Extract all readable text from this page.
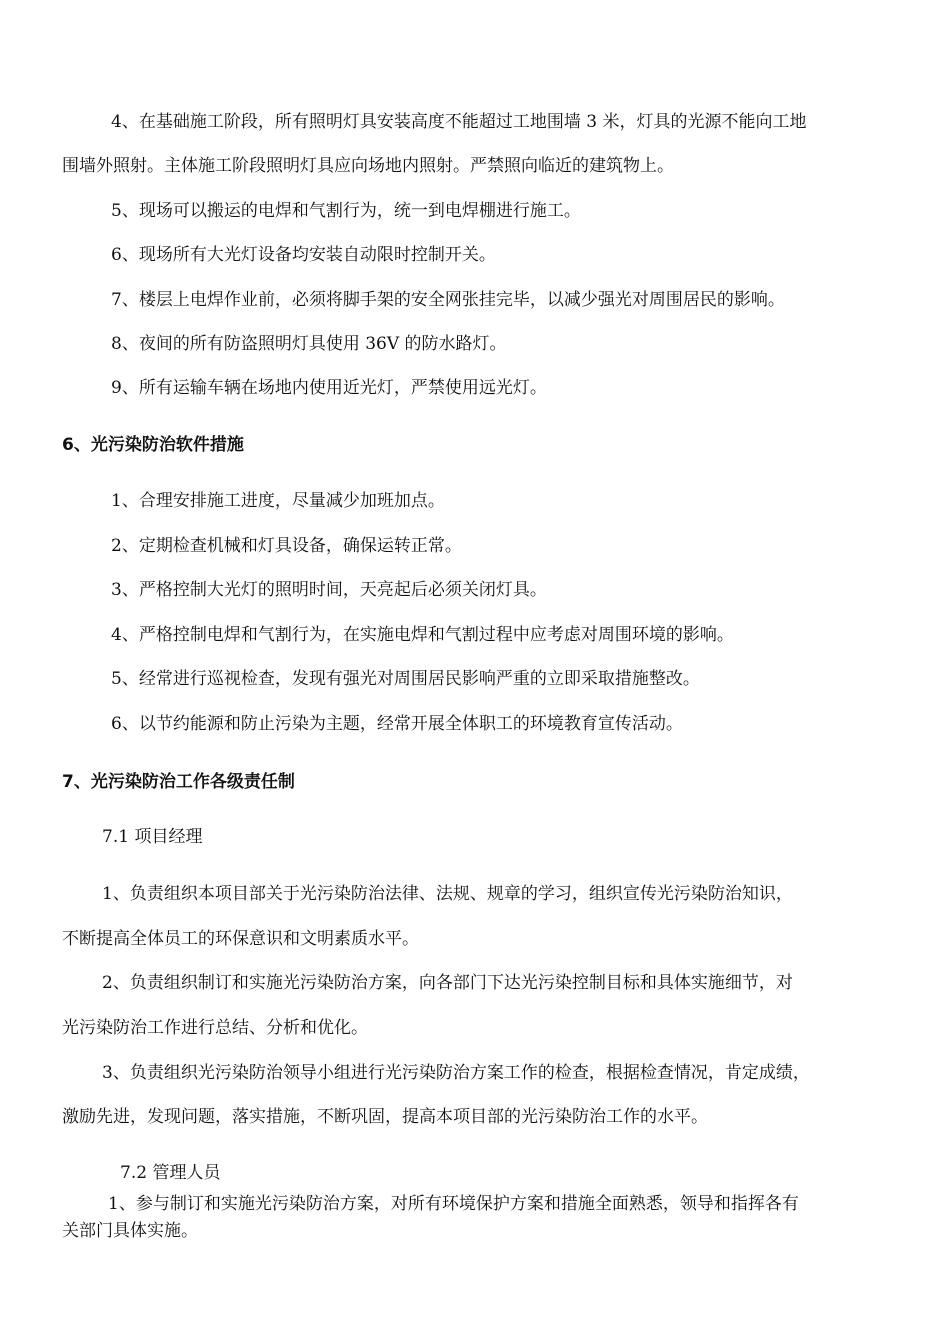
4、在基础施工阶段，所有照明灯具安装高度不能超过工地围墙 3 米，灯具的光源不能向工地
围墙外照射。主体施工阶段照明灯具应向场地内照射。严禁照向临近的建筑物上。
5、现场可以搬运的电焊和气割行为，统一到电焊棚进行施工。
6、现场所有大光灯设备均安装自动限时控制开关。
7、楼层上电焊作业前，必须将脚手架的安全网张挂完毕，以减少强光对周围居民的影响。
8、夜间的所有防盗照明灯具使用 36V 的防水路灯。
9、所有运输车辆在场地内使用近光灯，严禁使用远光灯。
6、光污染防治软件措施
1、合理安排施工进度，尽量减少加班加点。
2、定期检查机械和灯具设备，确保运转正常。
3、严格控制大光灯的照明时间，天亮起后必须关闭灯具。
4、严格控制电焊和气割行为，在实施电焊和气割过程中应考虑对周围环境的影响。
5、经常进行巡视检查，发现有强光对周围居民影响严重的立即采取措施整改。
6、以节约能源和防止污染为主题，经常开展全体职工的环境教育宣传活动。
7、光污染防治工作各级责任制
7.1 项目经理
1、负责组织本项目部关于光污染防治法律、法规、规章的学习，组织宣传光污染防治知识，
不断提高全体员工的环保意识和文明素质水平。
2、负责组织制订和实施光污染防治方案，向各部门下达光污染控制目标和具体实施细节，对
光污染防治工作进行总结、分析和优化。
3、负责组织光污染防治领导小组进行光污染防治方案工作的检查，根据检查情况，肯定成绩，
激励先进，发现问题，落实措施，不断巩固，提高本项目部的光污染防治工作的水平。
7.2 管理人员
1、参与制订和实施光污染防治方案，对所有环境保护方案和措施全面熟悉，领导和指挥各有
关部门具体实施。
